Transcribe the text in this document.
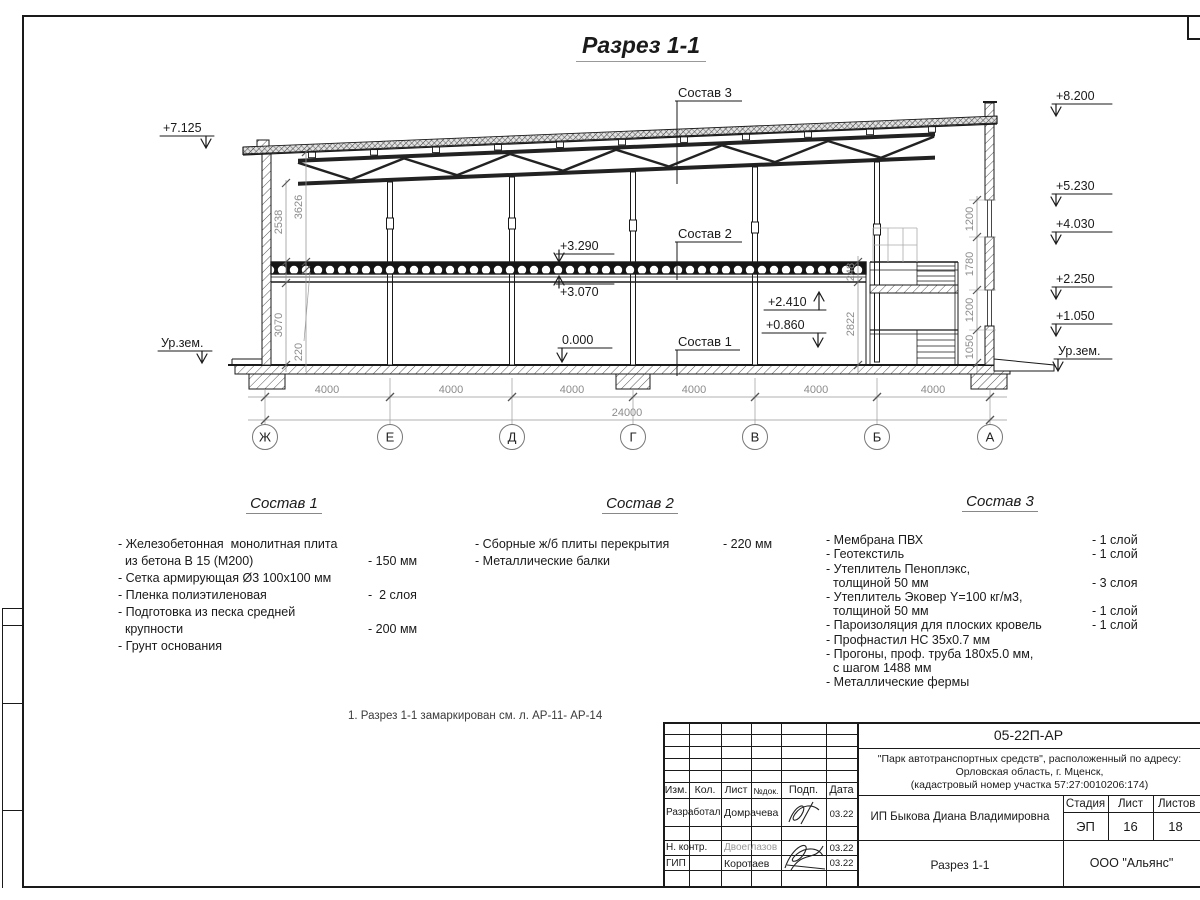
Разрез 1-1
4000	4000	4000	4000	4000	4000
24000
2538
3626
220
3070
248
2822
1200
1780
1200
1050
Ж	Е	Д	Г	В	Б	А
+7.125
Ур.зем.
+3.290
+3.070
0.000
+2.410
+0.860
+8.200
+5.230
+4.030
+2.250
+1.050
Ур.зем.
Состав 3
Состав 2
Состав 1
Состав 1
- Железобетонная  монолитная плита
из бетона В 15 (М200)	- 150 мм
- Сетка армирующая Ø3 100х100 мм
- Пленка полиэтиленовая	-  2 слоя
- Подготовка из песка средней
крупности	- 200 мм
- Грунт основания
Состав 2
- Сборные ж/б плиты перекрытия	- 220 мм
- Металлические балки
Состав 3
- Мембрана ПВХ	- 1 слой
- Геотекстиль	- 1 слой
- Утеплитель Пеноплэкс,
толщиной 50 мм	- 3 слоя
- Утеплитель Эковер Y=100 кг/м3,
толщиной 50 мм	- 1 слой
- Пароизоляция для плоских кровель	- 1 слой
- Профнастил НС 35х0.7 мм
- Прогоны, проф. труба 180х5.0 мм,
с шагом 1488 мм
- Металлические фермы
1. Разрез 1-1 замаркирован см. л. АР-11- АР-14
05-22П-АР
"Парк автотранспортных средств", расположенный по адресу:
Орловская область, г. Мценск,
(кадастровый номер участка 57:27:0010206:174)
Изм. Кол. Лист №док. Подп.	Дата
Разработал Домрачева	03.22
Н. контр. Двоеглазов	03.22
ГИП	Коротаев	03.22
ИП Быкова Диана Владимировна
Стадия	Лист	Листов
ЭП	16	18
Разрез 1-1	ООО "Альянс"
